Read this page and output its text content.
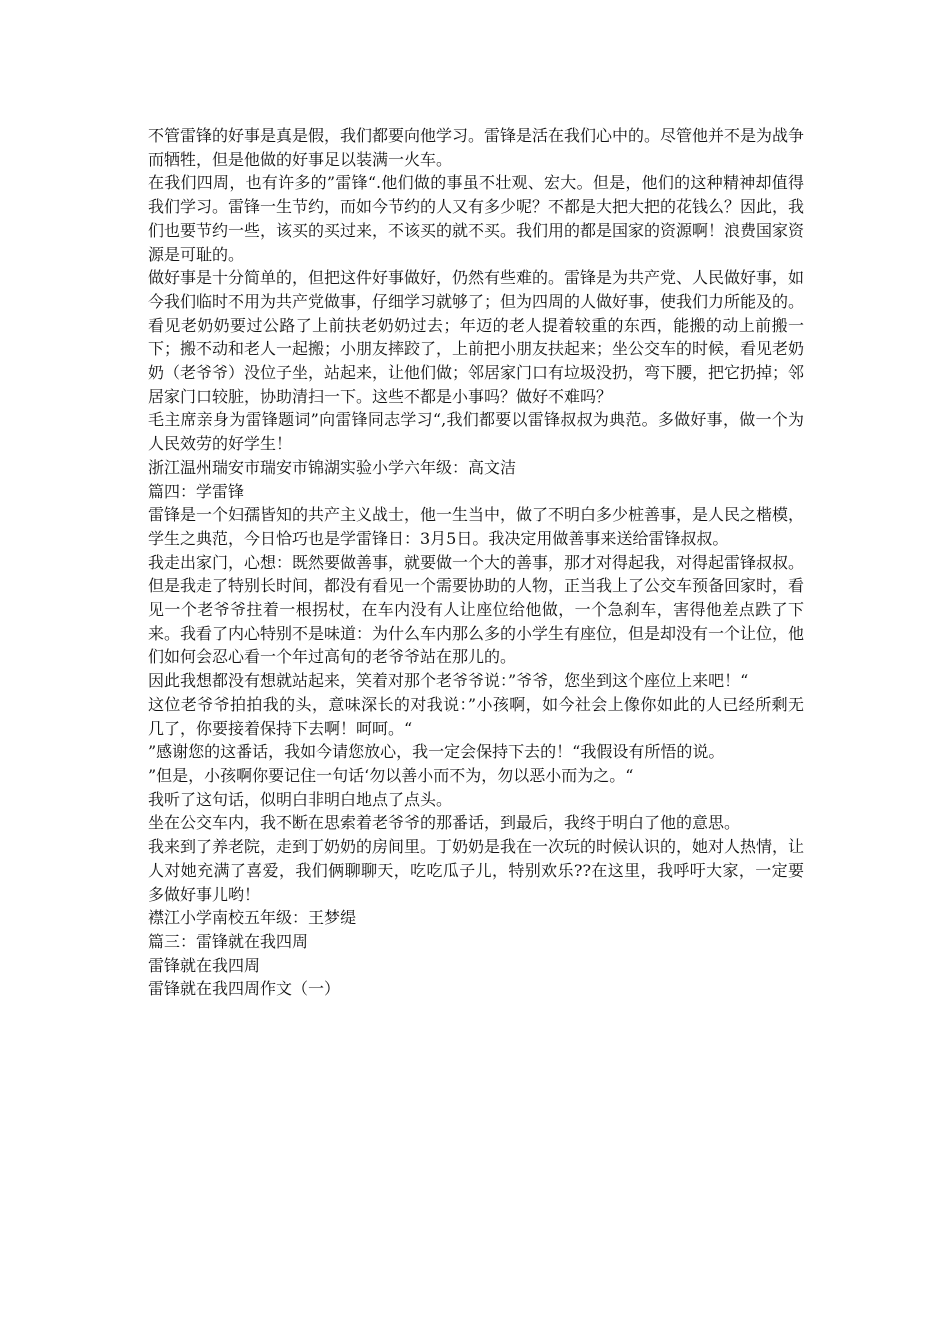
不管雷锋的好事是真是假，我们都要向他学习。雷锋是活在我们心中的。尽管他并不是为战争而牺牲，但是他做的好事足以装满一火车。

在我们四周，也有许多的”雷锋“.他们做的事虽不壮观、宏大。但是，他们的这种精神却值得我们学习。雷锋一生节约，而如今节约的人又有多少呢？不都是大把大把的花钱么？因此，我们也要节约一些，该买的买过来，不该买的就不买。我们用的都是国家的资源啊！浪费国家资源是可耻的。

做好事是十分简单的，但把这件好事做好，仍然有些难的。雷锋是为共产党、人民做好事，如今我们临时不用为共产党做事，仔细学习就够了；但为四周的人做好事，使我们力所能及的。看见老奶奶要过公路了上前扶老奶奶过去；年迈的老人提着较重的东西，能搬的动上前搬一下；搬不动和老人一起搬；小朋友摔跤了，上前把小朋友扶起来；坐公交车的时候，看见老奶奶（老爷爷）没位子坐，站起来，让他们做；邻居家门口有垃圾没扔，弯下腰，把它扔掉；邻居家门口较脏，协助清扫一下。这些不都是小事吗？做好不难吗？

毛主席亲身为雷锋题词”向雷锋同志学习“,我们都要以雷锋叔叔为典范。多做好事，做一个为人民效劳的好学生！

浙江温州瑞安市瑞安市锦湖实验小学六年级：高文洁

篇四：学雷锋

雷锋是一个妇孺皆知的共产主义战士，他一生当中，做了不明白多少桩善事，是人民之楷模，学生之典范，今日恰巧也是学雷锋日：3月5日。我决定用做善事来送给雷锋叔叔。

我走出家门，心想：既然要做善事，就要做一个大的善事，那才对得起我，对得起雷锋叔叔。但是我走了特别长时间，都没有看见一个需要协助的人物，正当我上了公交车预备回家时，看见一个老爷爷拄着一根拐杖，在车内没有人让座位给他做，一个急刹车，害得他差点跌了下来。我看了内心特别不是味道：为什么车内那么多的小学生有座位，但是却没有一个让位，他们如何会忍心看一个年过高旬的老爷爷站在那儿的。

因此我想都没有想就站起来，笑着对那个老爷爷说：”爷爷，您坐到这个座位上来吧！“

这位老爷爷拍拍我的头，意味深长的对我说：”小孩啊，如今社会上像你如此的人已经所剩无几了，你要接着保持下去啊！呵呵。“

”感谢您的这番话，我如今请您放心，我一定会保持下去的！“我假设有所悟的说。

”但是，小孩啊你要记住一句话‘勿以善小而不为，勿以恶小而为之。“

我听了这句话，似明白非明白地点了点头。

坐在公交车内，我不断在思索着老爷爷的那番话，到最后，我终于明白了他的意思。

我来到了养老院，走到丁奶奶的房间里。丁奶奶是我在一次玩的时候认识的，她对人热情，让人对她充满了喜爱，我们俩聊聊天，吃吃瓜子儿，特别欢乐??在这里，我呼吁大家，一定要多做好事儿哟！

襟江小学南校五年级：王梦缇

篇三：雷锋就在我四周

雷锋就在我四周

雷锋就在我四周作文（一）
